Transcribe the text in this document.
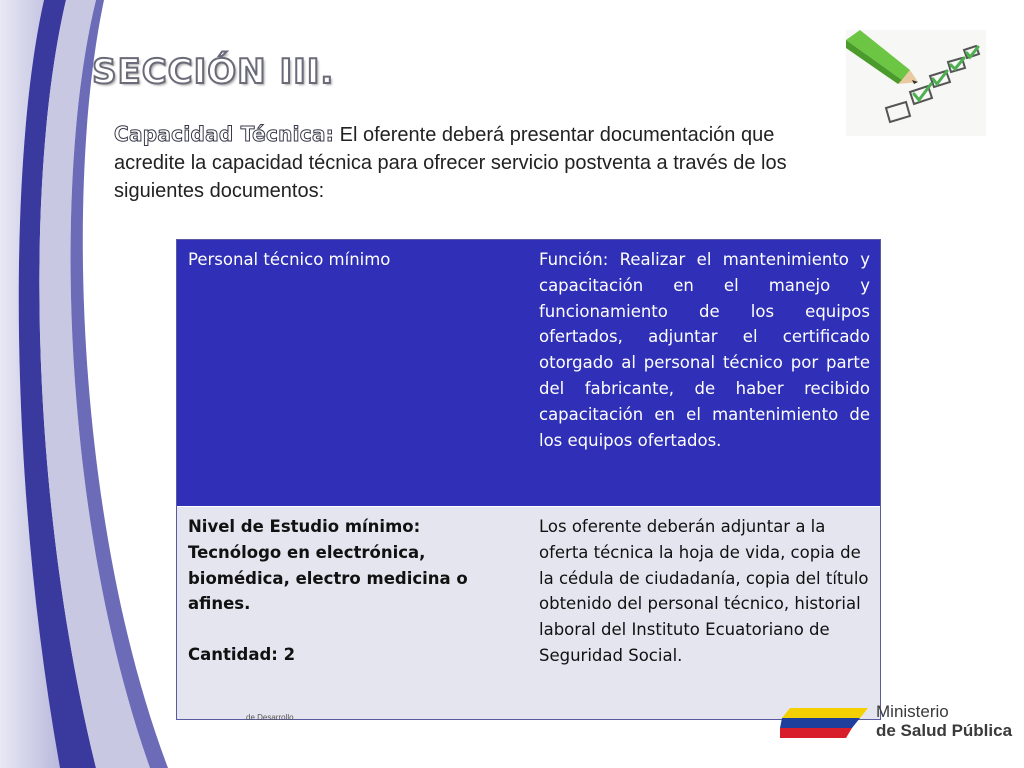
SECCIÓN III.

Capacidad Técnica: El oferente deberá presentar documentación que acredite la capacidad técnica para ofrecer servicio postventa a través de los siguientes documentos:

Personal técnico mínimo	Función: Realizar el mantenimiento y capacitación en el manejo y funcionamiento de los equipos ofertados, adjuntar el certificado otorgado al personal técnico por parte del fabricante, de haber recibido capacitación en el mantenimiento de los equipos ofertados.
Nivel de Estudio mínimo: Tecnólogo en electrónica, biomédica, electro medicina o afines.
Cantidad: 2
Los oferente deberán adjuntar a la oferta técnica la hoja de vida, copia de la cédula de ciudadanía, copia del título obtenido del personal técnico, historial laboral del Instituto Ecuatoriano de Seguridad Social.
de Desarrollo	Ministerio
de Salud Pública
